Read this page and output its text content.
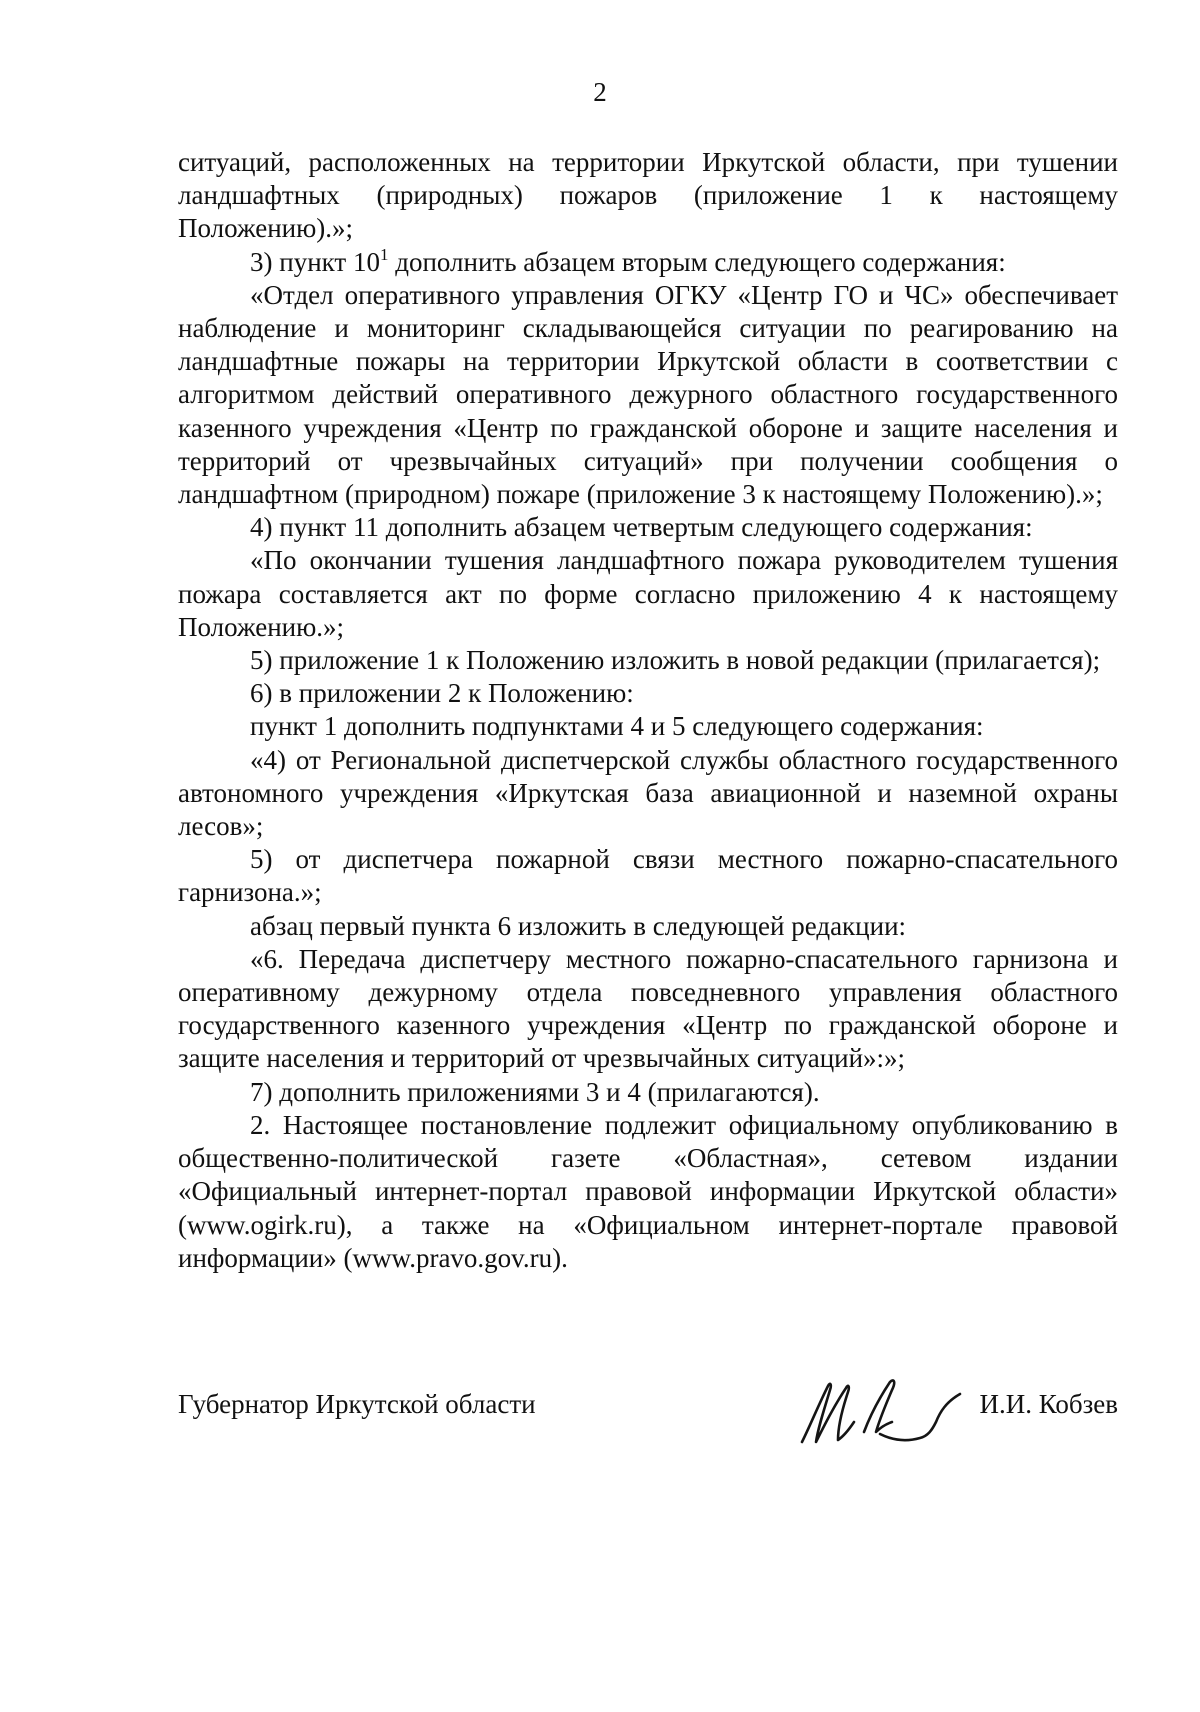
2

ситуаций, расположенных на территории Иркутской области, при тушении ландшафтных (природных) пожаров (приложение 1 к настоящему Положению).»;

3) пункт $10^1$ дополнить абзацем вторым следующего содержания:

«Отдел оперативного управления ОГКУ «Центр ГО и ЧС» обеспечивает наблюдение и мониторинг складывающейся ситуации по реагированию на ландшафтные пожары на территории Иркутской области в соответствии с алгоритмом действий оперативного дежурного областного государственного казенного учреждения «Центр по гражданской обороне и защите населения и территорий от чрезвычайных ситуаций» при получении сообщения о ландшафтном (природном) пожаре (приложение 3 к настоящему Положению).»;

4) пункт 11 дополнить абзацем четвертым следующего содержания:

«По окончании тушения ландшафтного пожара руководителем тушения пожара составляется акт по форме согласно приложению 4 к настоящему Положению.»;

5) приложение 1 к Положению изложить в новой редакции (прилагается);

6) в приложении 2 к Положению:

пункт 1 дополнить подпунктами 4 и 5 следующего содержания:

«4) от Региональной диспетчерской службы областного государственного автономного учреждения «Иркутская база авиационной и наземной охраны лесов»;

5) от диспетчера пожарной связи местного пожарно-спасательного гарнизона.»;

абзац первый пункта 6 изложить в следующей редакции:

«6. Передача диспетчеру местного пожарно-спасательного гарнизона и оперативному дежурному отдела повседневного управления областного государственного казенного учреждения «Центр по гражданской обороне и защите населения и территорий от чрезвычайных ситуаций»:»;

7) дополнить приложениями 3 и 4 (прилагаются).

2. Настоящее постановление подлежит официальному опубликованию в общественно-политической газете «Областная», сетевом издании «Официальный интернет-портал правовой информации Иркутской области» (www.ogirk.ru), а также на «Официальном интернет-портале правовой информации» (www.pravo.gov.ru).

Губернатор Иркутской области	И.И. Кобзев
